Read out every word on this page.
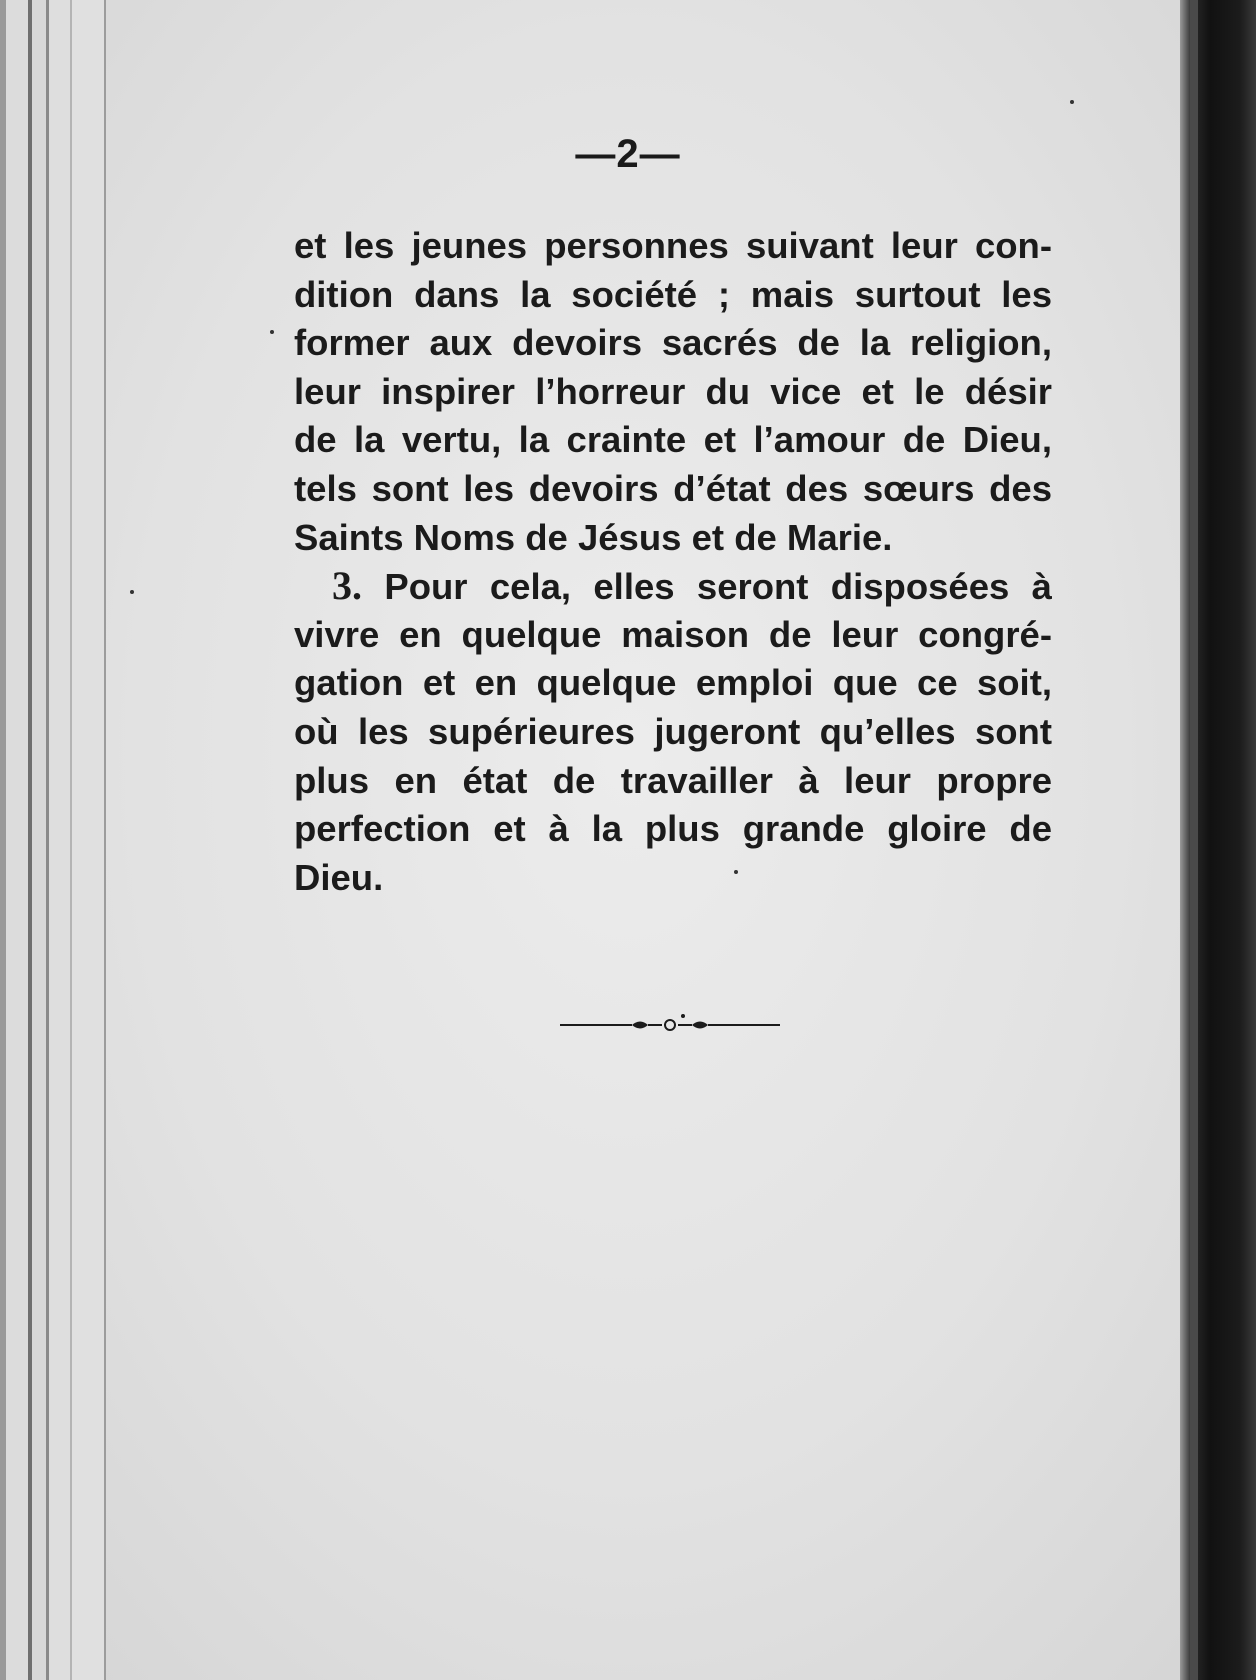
—2—
et les jeunes personnes suivant leur con-
dition dans la société ; mais surtout les
former aux devoirs sacrés de la religion,
leur inspirer l’horreur du vice et le désir
de la vertu, la crainte et l’amour de Dieu,
tels sont les devoirs d’état des sœurs des
Saints Noms de Jésus et de Marie.
3. Pour cela, elles seront disposées à
vivre en quelque maison de leur congré-
gation et en quelque emploi que ce soit,
où les supérieures jugeront qu’elles sont
plus en état de travailler à leur propre
perfection et à la plus grande gloire de
Dieu.
